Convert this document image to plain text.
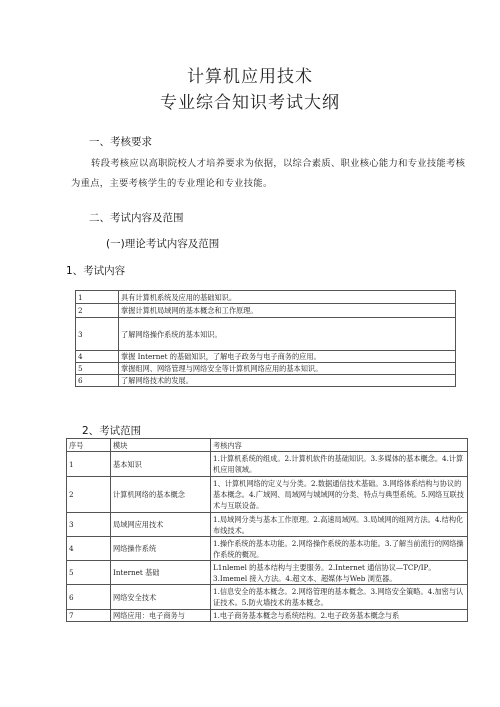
计算机应用技术
专业综合知识考试大纲
一、考核要求
转段考核应以高职院校人才培养要求为依据，以综合素质、职业核心能力和专业技能考核为重点，主要考核学生的专业理论和专业技能。
二、考试内容及范围
(一)理论考试内容及范围
1、考试内容
1	具有计算机系统及应用的基础知识。
2	掌握计算机局域网的基本概念和工作原理。
3	了解网络操作系统的基本知识。
4	掌握 Internet 的基础知识，了解电子政务与电子商务的应用。
5	掌握组网、网络管理与网络安全等计算机网络应用的基本知识。
6	了解网络技术的发展。
2、考试范围
序号	模块	考核内容
1	基本知识	1.计算机系统的组成。2.计算机软件的基础知识。3.多媒体的基本概念。4.计算机应用领域。
2	计算机网络的基本概念	1、计算机网络的定义与分类。2.数据通信技术基础。3.网络体系结构与协议的基本概念。4.广域网、局域网与城域网的分类、特点与典型系统。5.网络互联技术与互联设备。
3	局域网应用技术	1.局域网分类与基本工作原理。2.高速局域网。3.局域网的组网方法。4.结构化布线技术。
4	网络操作系统	1.操作系统的基本功能。2.网络操作系统的基本功能。3.了解当前流行的网络操作系统的概况。
5	Internet 基础	L1nlemel 的基本结构与主要服务。2.Internet 通信协议—TCP/IP。
3.Imemel 接入方法。4.超文本、超媒体与Web 浏览器。

6	网络安全技术	1.信息安全的基本概念。2.网络管理的基本概念。3.网络安全策略。4.加密与认证技术。5.防火墙技术的基本概念。
7	网络应用：电子商务与	1.电子商务基本概念与系统结构。2.电子政务基本概念与系
